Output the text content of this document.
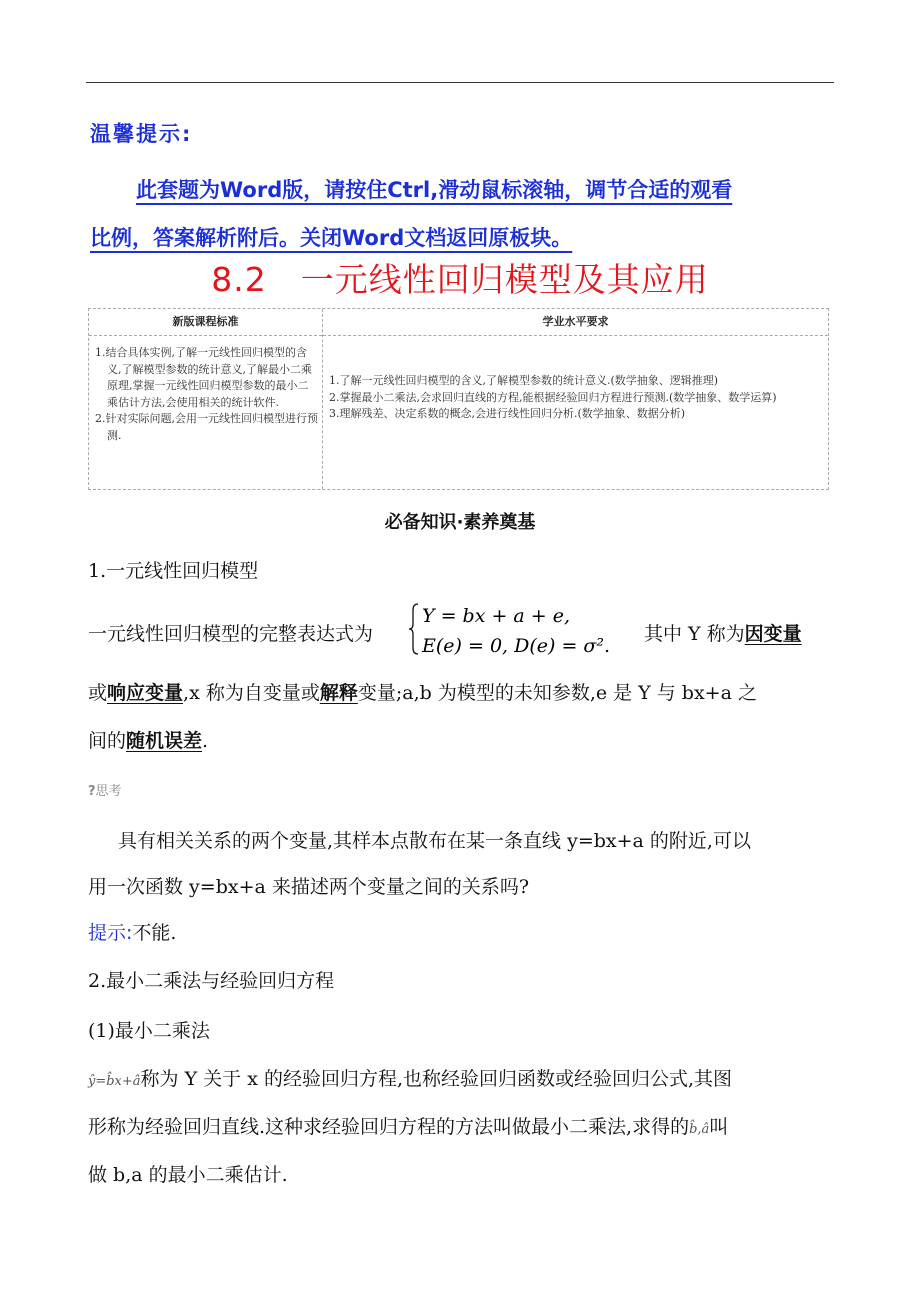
温馨提示:
此套题为Word版，请按住Ctrl,滑动鼠标滚轴，调节合适的观看
比例，答案解析附后。关闭Word文档返回原板块。
8.2　一元线性回归模型及其应用
新版课程标准	学业水平要求

1.结合具体实例,了解一元线性回归模型的含义,了解模型参数的统计意义,了解最小二乘原理,掌握一元线性回归模型参数的最小二乘估计方法,会使用相关的统计软件.

2.针对实际问题,会用一元线性回归模型进行预测.

1.了解一元线性回归模型的含义,了解模型参数的统计意义.(数学抽象、逻辑推理)

2.掌握最小二乘法,会求回归直线的方程,能根据经验回归方程进行预测.(数学抽象、数学运算)

3.理解残差、决定系数的概念,会进行线性回归分析.(数学抽象、数据分析)

必备知识·素养奠基
1.一元线性回归模型
一元线性回归模型的完整表达式为
Y = bx + a + e,
E(e) = 0, D(e) = σ².
其中 Y 称为因变量
或响应变量,x 称为自变量或解释变量;a,b 为模型的未知参数,e 是 Y 与 bx+a 之
间的随机误差.
?思考
具有相关关系的两个变量,其样本点散布在某一条直线 y=bx+a 的附近,可以
用一次函数 y=bx+a 来描述两个变量之间的关系吗?
提示:不能.
2.最小二乘法与经验回归方程
(1)最小二乘法
ŷ=b̂x+â称为 Y 关于 x 的经验回归方程,也称经验回归函数或经验回归公式,其图
形称为经验回归直线.这种求经验回归方程的方法叫做最小二乘法,求得的b̂,â叫
做 b,a 的最小二乘估计.
